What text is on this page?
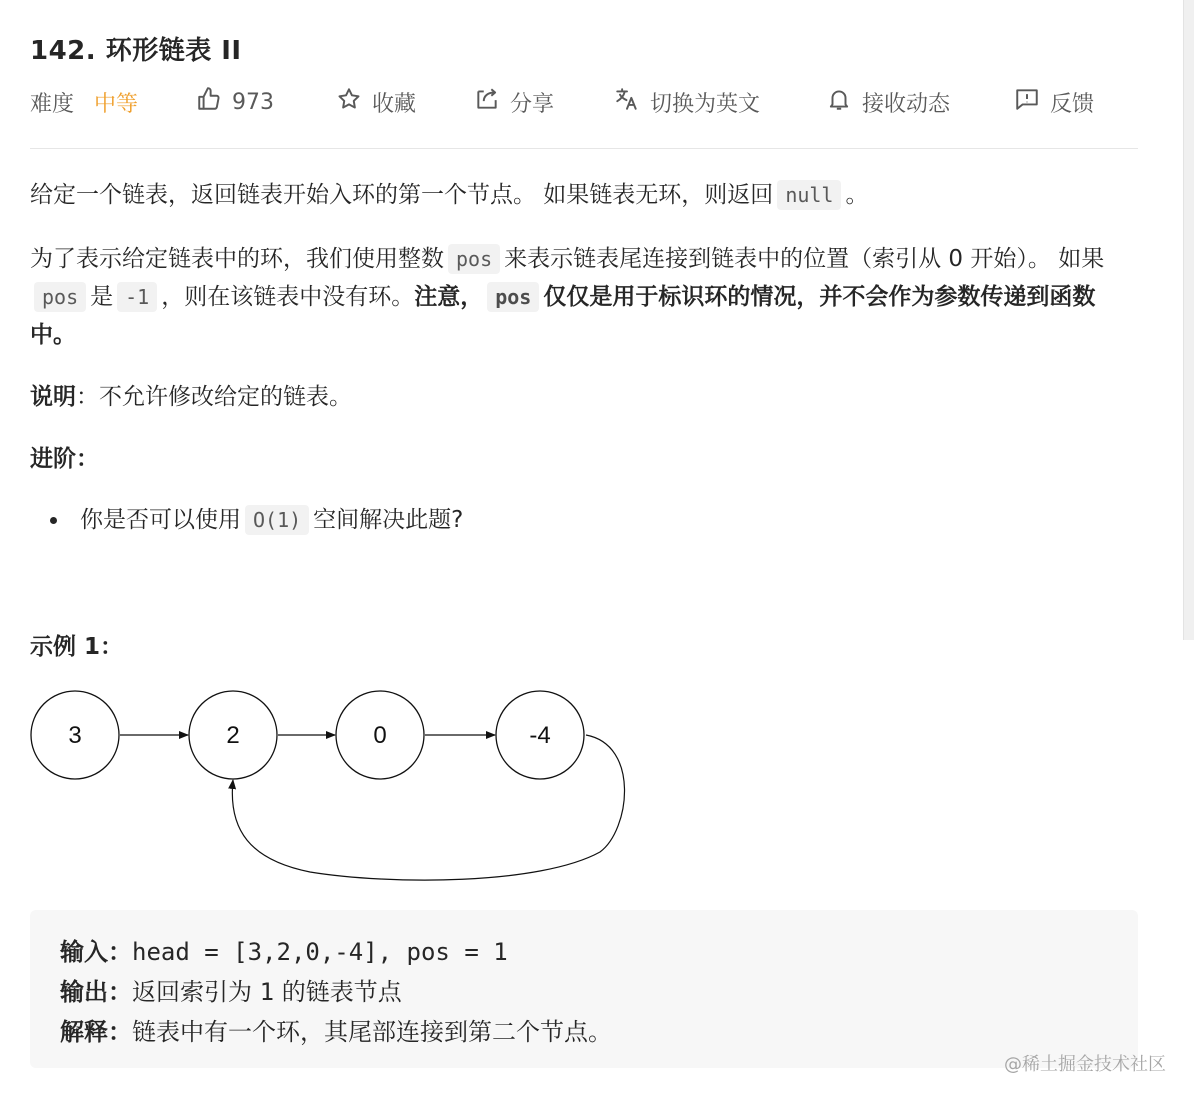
142. 环形链表 II
难度 中等	973	收藏	分享	切换为英文	接收动态	反馈
给定一个链表，返回链表开始入环的第一个节点。 如果链表无环，则返回 null 。
为了表示给定链表中的环，我们使用整数 pos 来表示链表尾连接到链表中的位置（索引从 0 开始）。 如果pos 是 -1 ，则在该链表中没有环。注意， pos 仅仅是用于标识环的情况，并不会作为参数传递到函数中。
说明：不允许修改给定的链表。
进阶：
你是否可以使用 O(1) 空间解决此题?
示例 1：
3	2	0	-4
输入：head = [3,2,0,-4], pos = 1
输出：返回索引为 1 的链表节点
解释：链表中有一个环，其尾部连接到第二个节点。
@稀土掘金技术社区
